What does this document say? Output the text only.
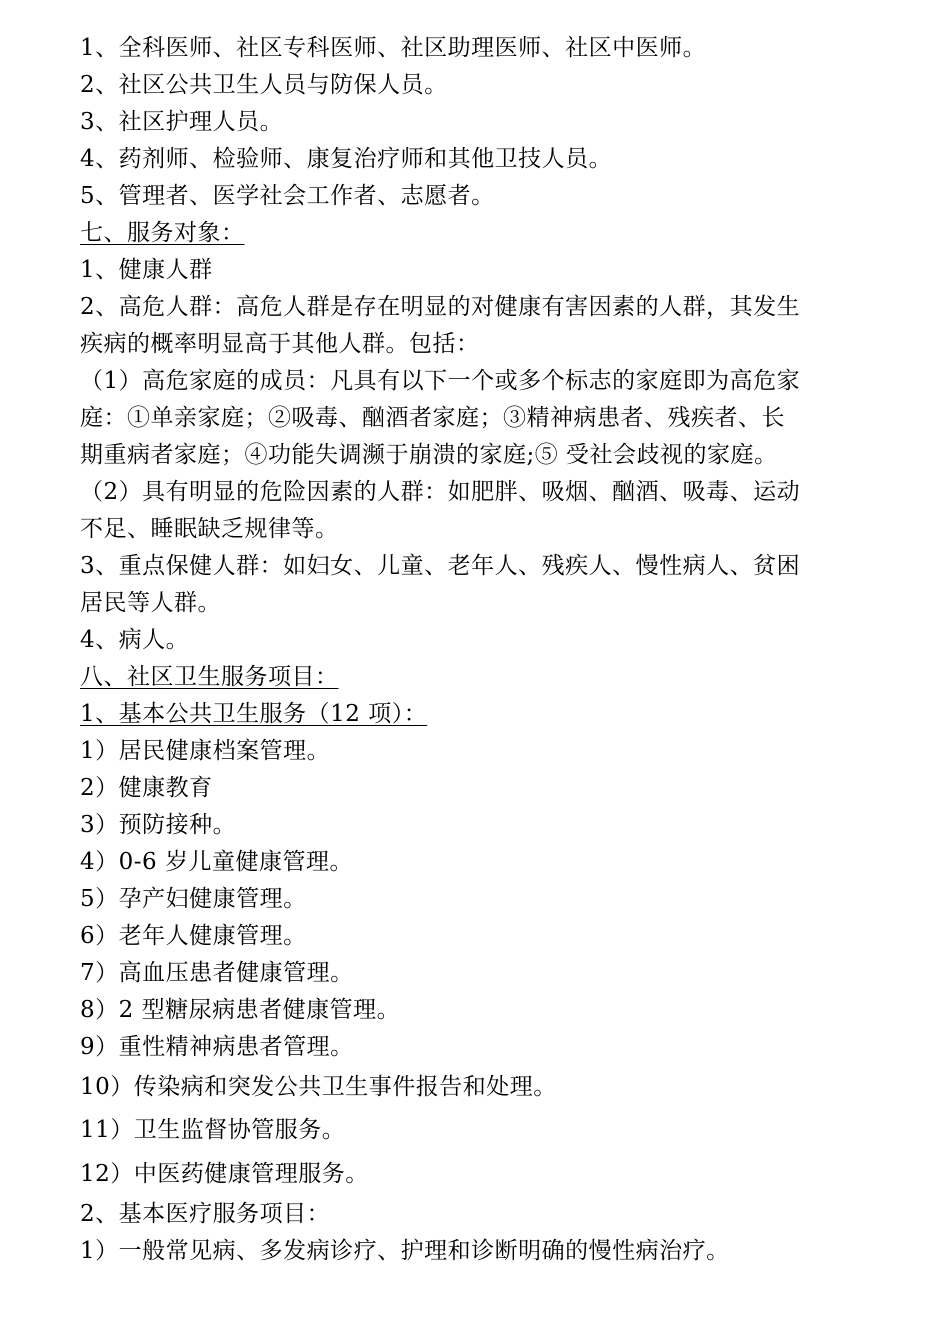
1、全科医师、社区专科医师、社区助理医师、社区中医师。
2、社区公共卫生人员与防保人员。
3、社区护理人员。
4、药剂师、检验师、康复治疗师和其他卫技人员。
5、管理者、医学社会工作者、志愿者。
七、服务对象：
1、健康人群
2、高危人群：高危人群是存在明显的对健康有害因素的人群，其发生
疾病的概率明显高于其他人群。包括：
（1）高危家庭的成员：凡具有以下一个或多个标志的家庭即为高危家
庭：①单亲家庭；②吸毒、酗酒者家庭；③精神病患者、残疾者、长
期重病者家庭；④功能失调濒于崩溃的家庭;⑤ 受社会歧视的家庭。
（2）具有明显的危险因素的人群：如肥胖、吸烟、酗酒、吸毒、运动
不足、睡眠缺乏规律等。
3、重点保健人群：如妇女、儿童、老年人、残疾人、慢性病人、贫困
居民等人群。
4、病人。
八、社区卫生服务项目：
1、基本公共卫生服务（12 项）：
1）居民健康档案管理。
2）健康教育
3）预防接种。
4）0-6 岁儿童健康管理。
5）孕产妇健康管理。
6）老年人健康管理。
7）高血压患者健康管理。
8）2 型糖尿病患者健康管理。
9）重性精神病患者管理。
10）传染病和突发公共卫生事件报告和处理。
11）卫生监督协管服务。
12）中医药健康管理服务。
2、基本医疗服务项目：
1）一般常见病、多发病诊疗、护理和诊断明确的慢性病治疗。
